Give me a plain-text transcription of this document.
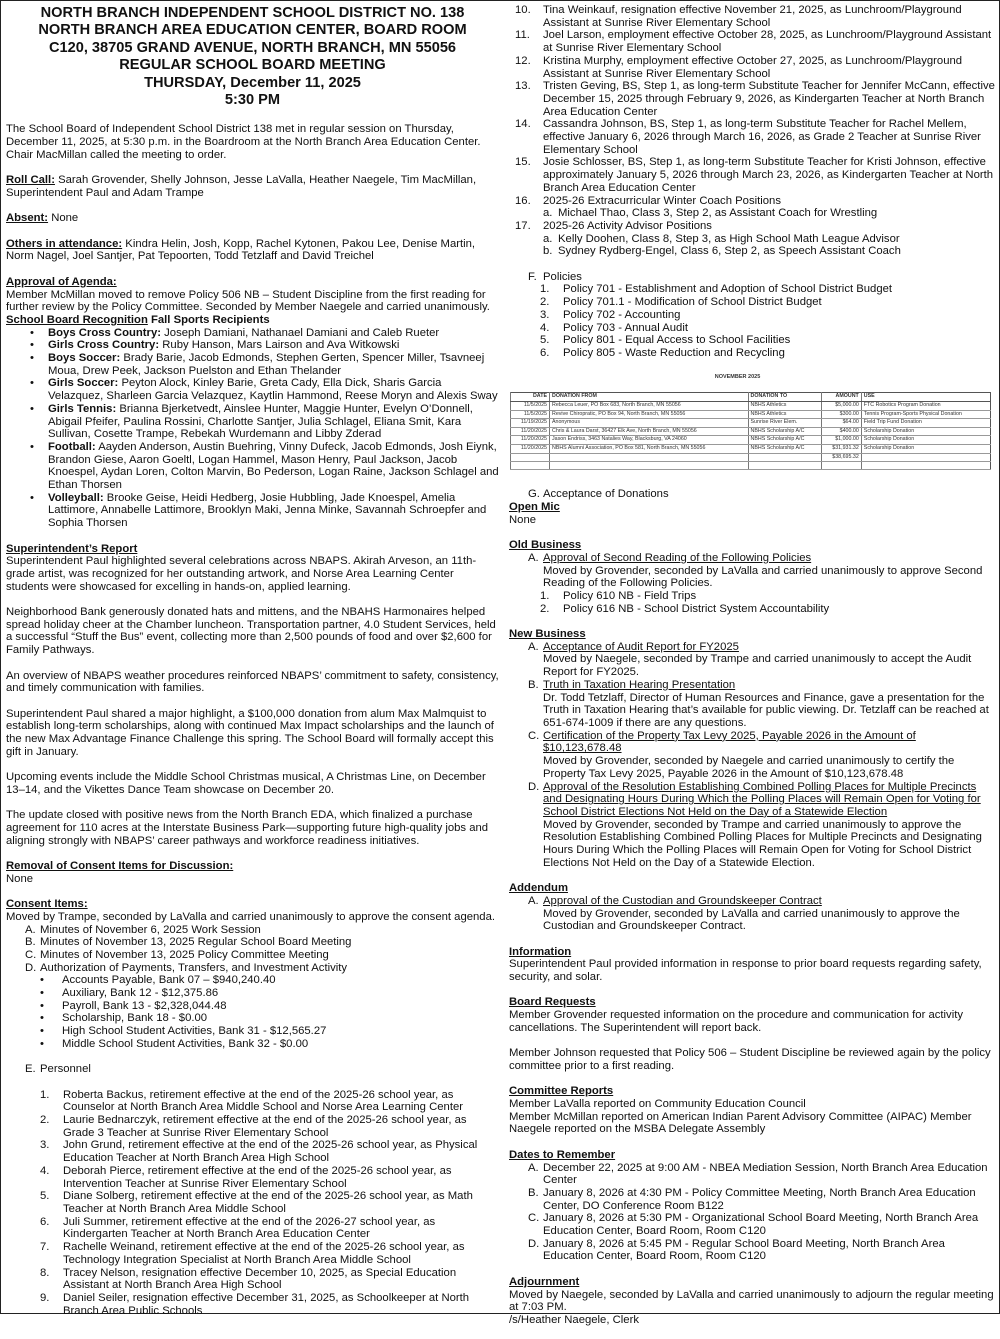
NORTH BRANCH INDEPENDENT SCHOOL DISTRICT NO. 138
NORTH BRANCH AREA EDUCATION CENTER, BOARD ROOM
C120, 38705 GRAND AVENUE, NORTH BRANCH, MN 55056
REGULAR SCHOOL BOARD MEETING
THURSDAY, December 11, 2025
5:30 PM
The School Board of Independent School District 138 met in regular session on Thursday, December 11, 2025, at 5:30 p.m. in the Boardroom at the North Branch Area Education Center. Chair MacMillan called the meeting to order.
Roll Call: Sarah Grovender, Shelly Johnson, Jesse LaValla, Heather Naegele, Tim MacMillan, Superintendent Paul and Adam Trampe
Absent: None
Others in attendance: Kindra Helin, Josh, Kopp, Rachel Kytonen, Pakou Lee, Denise Martin, Norm Nagel, Joel Santjer, Pat Tepoorten, Todd Tetzlaff and David Treichel
Approval of Agenda:
Member McMillan moved to remove Policy 506 NB – Student Discipline from the first reading for further review by the Policy Committee. Seconded by Member Naegele and carried unanimously.
School Board Recognition Fall Sports Recipients
• Boys Cross Country: Joseph Damiani, Nathanael Damiani and Caleb Rueter
• Girls Cross Country: Ruby Hanson, Mars Lairson and Ava Witkowski
• Boys Soccer: Brady Barie, Jacob Edmonds, Stephen Gerten, Spencer Miller, Tsavneej Moua, Drew Peek, Jackson Puelston and Ethan Thelander
• Girls Soccer: Peyton Alock, Kinley Barie, Greta Cady, Ella Dick, Sharis Garcia Velazquez, Sharleen Garcia Velazquez, Kaytlin Hammond, Reese Moryn and Alexis Sway
• Girls Tennis: Brianna Bjerketvedt, Ainslee Hunter, Maggie Hunter, Evelyn O’Donnell, Abigail Pfeifer, Paulina Rossini, Charlotte Santjer, Julia Schlagel, Eliana Smit, Kara Sullivan, Cosette Trampe, Rebekah Wurdemann and Libby Zderad
• Football: Aayden Anderson, Austin Buehring, Vinny Dufeck, Jacob Edmonds, Josh Eiynk, Brandon Giese, Aaron Goeltl, Logan Hammel, Mason Henry, Paul Jackson, Jacob Knoespel, Aydan Loren, Colton Marvin, Bo Pederson, Logan Raine, Jackson Schlagel and Ethan Thorsen
• Volleyball: Brooke Geise, Heidi Hedberg, Josie Hubbling, Jade Knoespel, Amelia Lattimore, Annabelle Lattimore, Brooklyn Maki, Jenna Minke, Savannah Schroepfer and Sophia Thorsen
Superintendent’s Report
Superintendent Paul highlighted several celebrations across NBAPS. Akirah Arveson, an 11th-grade artist, was recognized for her outstanding artwork, and Norse Area Learning Center students were showcased for excelling in hands-on, applied learning.
Neighborhood Bank generously donated hats and mittens, and the NBAHS Harmonaires helped spread holiday cheer at the Chamber luncheon. Transportation partner, 4.0 Student Services, held a successful “Stuff the Bus” event, collecting more than 2,500 pounds of food and over $2,600 for Family Pathways.
An overview of NBAPS weather procedures reinforced NBAPS’ commitment to safety, consistency, and timely communication with families.
Superintendent Paul shared a major highlight, a $100,000 donation from alum Max Malmquist to establish long-term scholarships, along with continued Max Impact scholarships and the launch of the new Max Advantage Finance Challenge this spring. The School Board will formally accept this gift in January.
Upcoming events include the Middle School Christmas musical, A Christmas Line, on December 13–14, and the Vikettes Dance Team showcase on December 20.
The update closed with positive news from the North Branch EDA, which finalized a purchase agreement for 110 acres at the Interstate Business Park—supporting future high-quality jobs and aligning strongly with NBAPS’ career pathways and workforce readiness initiatives.
Removal of Consent Items for Discussion:
None
Consent Items:
Moved by Trampe, seconded by LaValla and carried unanimously to approve the consent agenda.
A. Minutes of November 6, 2025 Work Session
B. Minutes of November 13, 2025 Regular School Board Meeting
C. Minutes of November 13, 2025 Policy Committee Meeting
D. Authorization of Payments, Transfers, and Investment Activity
• Accounts Payable, Bank 07 – $940,240.40
• Auxiliary, Bank 12 - $12,375.86
• Payroll, Bank 13 - $2,328,044.48
• Scholarship, Bank 18 - $0.00
• High School Student Activities, Bank 31 - $12,565.27
• Middle School Student Activities, Bank 32 - $0.00
E. Personnel
1. Roberta Backus, retirement effective at the end of the 2025-26 school year, as Counselor at North Branch Area Middle School and Norse Area Learning Center
2. Laurie Bednarczyk, retirement effective at the end of the 2025-26 school year, as Grade 3 Teacher at Sunrise River Elementary School
3. John Grund, retirement effective at the end of the 2025-26 school year, as Physical Education Teacher at North Branch Area High School
4. Deborah Pierce, retirement effective at the end of the 2025-26 school year, as Intervention Teacher at Sunrise River Elementary School
5. Diane Solberg, retirement effective at the end of the 2025-26 school year, as Math Teacher at North Branch Area Middle School
6. Juli Summer, retirement effective at the end of the 2026-27 school year, as Kindergarten Teacher at North Branch Area Education Center
7. Rachelle Weinand, retirement effective at the end of the 2025-26 school year, as Technology Integration Specialist at North Branch Area Middle School
8. Tracey Nelson, resignation effective December 10, 2025, as Special Education Assistant at North Branch Area High School
9. Daniel Seiler, resignation effective December 31, 2025, as Schoolkeeper at North Branch Area Public Schools
10. Tina Weinkauf, resignation effective November 21, 2025, as Lunchroom/Playground Assistant at Sunrise River Elementary School
11. Joel Larson, employment effective October 28, 2025, as Lunchroom/Playground Assistant at Sunrise River Elementary School
12. Kristina Murphy, employment effective October 27, 2025, as Lunchroom/Playground Assistant at Sunrise River Elementary School
13. Tristen Geving, BS, Step 1, as long-term Substitute Teacher for Jennifer McCann, effective December 15, 2025 through February 9, 2026, as Kindergarten Teacher at North Branch Area Education Center
14. Cassandra Johnson, BS, Step 1, as long-term Substitute Teacher for Rachel Mellem, effective January 6, 2026 through March 16, 2026, as Grade 2 Teacher at Sunrise River Elementary School
15. Josie Schlosser, BS, Step 1, as long-term Substitute Teacher for Kristi Johnson, effective approximately January 5, 2026 through March 23, 2026, as Kindergarten Teacher at North Branch Area Education Center
16. 2025-26 Extracurricular Winter Coach Positions
a. Michael Thao, Class 3, Step 2, as Assistant Coach for Wrestling
17. 2025-26 Activity Advisor Positions
a. Kelly Doohen, Class 8, Step 3, as High School Math League Advisor
b. Sydney Rydberg-Engel, Class 6, Step 2, as Speech Assistant Coach
F. Policies
1. Policy 701 - Establishment and Adoption of School District Budget
2. Policy 701.1 - Modification of School District Budget
3. Policy 702 - Accounting
4. Policy 703 - Annual Audit
5. Policy 801 - Equal Access to School Facilities
6. Policy 805 - Waste Reduction and Recycling
NOVEMBER 2025
DATE	DONATION FROM	DONATION TO	AMOUNT	USE
11/5/2025	Rebecca Leuer, PO Box 683, North Branch, MN 55056	NBHS Athletics	$5,000.00	FTC Robotics Program Donation
11/5/2025	Revive Chiropratic, PO Box 94, North Branch, MN 55056	NBHS Athletics	$300.00	Tennis Program-Sports Physical Donation
11/19/2025	Anonymous	Sunrise River Elem.	$64.00	Field Trip Fund Donation
11/20/2025	Chris & Laura Darst, 36427 Elk Ave, North Branch, MN 55056	NBHS Scholarship A/C	$400.00	Scholarship Donation
11/20/2025	Jason Endriss, 3463 Natalies Way, Blacksburg, VA 24060	NBHS Scholarship A/C	$1,000.00	Scholarship Donation
11/20/2025	NBHS Alumni Association, PO Box 581, North Branch, MN 55056	NBHS Scholarship A/C	$31,931.32	Scholarship Donation
			$38,695.32	

G. Acceptance of Donations
Open Mic
None
Old Business
A. Approval of Second Reading of the Following Policies
Moved by Grovender, seconded by LaValla and carried unanimously to approve Second Reading of the Following Policies.
1. Policy 610 NB - Field Trips
2. Policy 616 NB - School District System Accountability
New Business
A. Acceptance of Audit Report for FY2025
Moved by Naegele, seconded by Trampe and carried unanimously to accept the Audit Report for FY2025.
B. Truth in Taxation Hearing Presentation
Dr. Todd Tetzlaff, Director of Human Resources and Finance, gave a presentation for the Truth in Taxation Hearing that’s available for public viewing. Dr. Tetzlaff can be reached at 651-674-1009 if there are any questions.
C. Certification of the Property Tax Levy 2025, Payable 2026 in the Amount of $10,123,678.48
Moved by Grovender, seconded by Naegele and carried unanimously to certify the Property Tax Levy 2025, Payable 2026 in the Amount of $10,123,678.48
D. Approval of the Resolution Establishing Combined Polling Places for Multiple Precincts and Designating Hours During Which the Polling Places will Remain Open for Voting for School District Elections Not Held on the Day of a Statewide Election
Moved by Grovender, seconded by Trampe and carried unanimously to approve the Resolution Establishing Combined Polling Places for Multiple Precincts and Designating Hours During Which the Polling Places will Remain Open for Voting for School District Elections Not Held on the Day of a Statewide Election.
Addendum
A. Approval of the Custodian and Groundskeeper Contract
Moved by Grovender, seconded by LaValla and carried unanimously to approve the Custodian and Groundskeeper Contract.
Information
Superintendent Paul provided information in response to prior board requests regarding safety, security, and solar.
Board Requests
Member Grovender requested information on the procedure and communication for activity cancellations. The Superintendent will report back.
Member Johnson requested that Policy 506 – Student Discipline be reviewed again by the policy committee prior to a first reading.
Committee Reports
Member LaValla reported on Community Education Council
Member McMillan reported on American Indian Parent Advisory Committee (AIPAC) Member Naegele reported on the MSBA Delegate Assembly
Dates to Remember
A. December 22, 2025 at 9:00 AM - NBEA Mediation Session, North Branch Area Education Center
B. January 8, 2026 at 4:30 PM - Policy Committee Meeting, North Branch Area Education Center, DO Conference Room B122
C. January 8, 2026 at 5:30 PM - Organizational School Board Meeting, North Branch Area Education Center, Board Room, Room C120
D. January 8, 2026 at 5:45 PM - Regular School Board Meeting, North Branch Area Education Center, Board Room, Room C120
Adjournment
Moved by Naegele, seconded by LaValla and carried unanimously to adjourn the regular meeting at 7:03 PM.
/s/Heather Naegele, Clerk
